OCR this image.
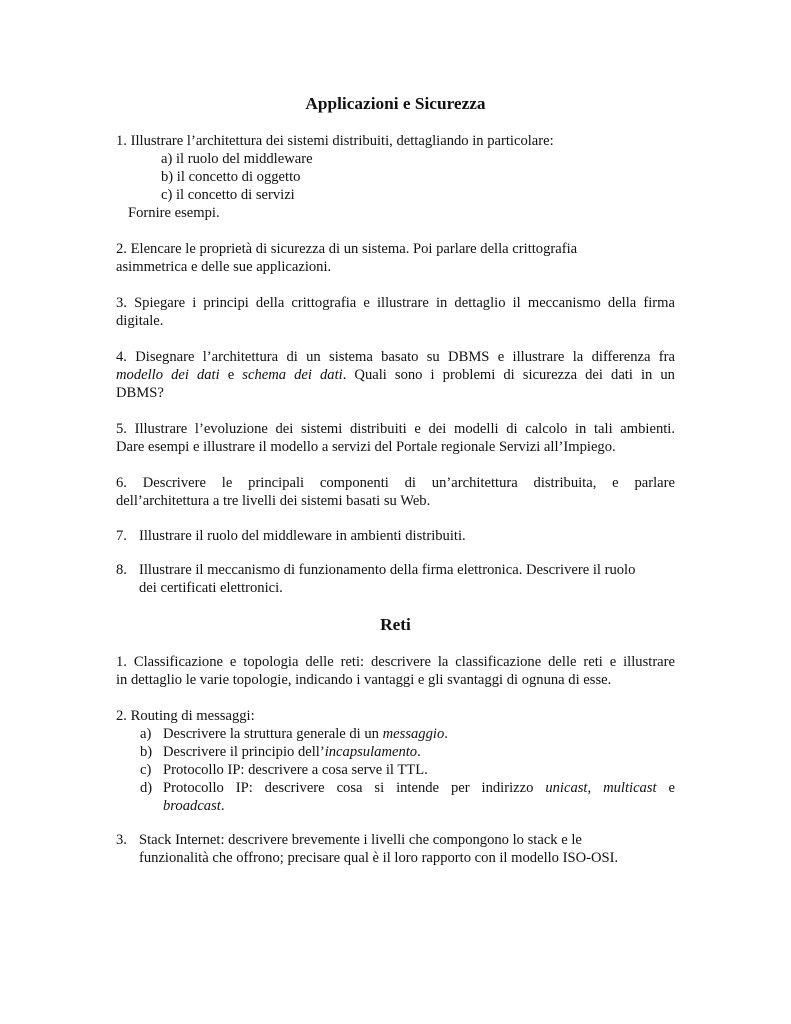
Applicazioni e Sicurezza
1. Illustrare l’architettura dei sistemi distribuiti, dettagliando in particolare:
a) il ruolo del middleware
b) il concetto di oggetto
c) il concetto di servizi
Fornire esempi.
2. Elencare le proprietà di sicurezza di un sistema. Poi parlare della crittografia
asimmetrica e delle sue applicazioni.
3. Spiegare i principi della crittografia e illustrare in dettaglio il meccanismo della firma
digitale.
4. Disegnare l’architettura di un sistema basato su DBMS e illustrare la differenza fra
modello dei dati e schema dei dati. Quali sono i problemi di sicurezza dei dati in un
DBMS?
5. Illustrare l’evoluzione dei sistemi distribuiti e dei modelli di calcolo in tali ambienti.
Dare esempi e illustrare il modello a servizi del Portale regionale Servizi all’Impiego.
6. Descrivere le principali componenti di un’architettura distribuita, e parlare
dell’architettura a tre livelli dei sistemi basati su Web.
7. Illustrare il ruolo del middleware in ambienti distribuiti.
8. Illustrare il meccanismo di funzionamento della firma elettronica. Descrivere il ruolo
dei certificati elettronici.
Reti
1. Classificazione e topologia delle reti: descrivere la classificazione delle reti e illustrare
in dettaglio le varie topologie, indicando i vantaggi e gli svantaggi di ognuna di esse.
2. Routing di messaggi:
a) Descrivere la struttura generale di un messaggio.
b) Descrivere il principio dell’incapsulamento.
c) Protocollo IP: descrivere a cosa serve il TTL.
d) Protocollo IP: descrivere cosa si intende per indirizzo unicast, multicast e
broadcast.
3. Stack Internet: descrivere brevemente i livelli che compongono lo stack e le
funzionalità che offrono; precisare qual è il loro rapporto con il modello ISO-OSI.
